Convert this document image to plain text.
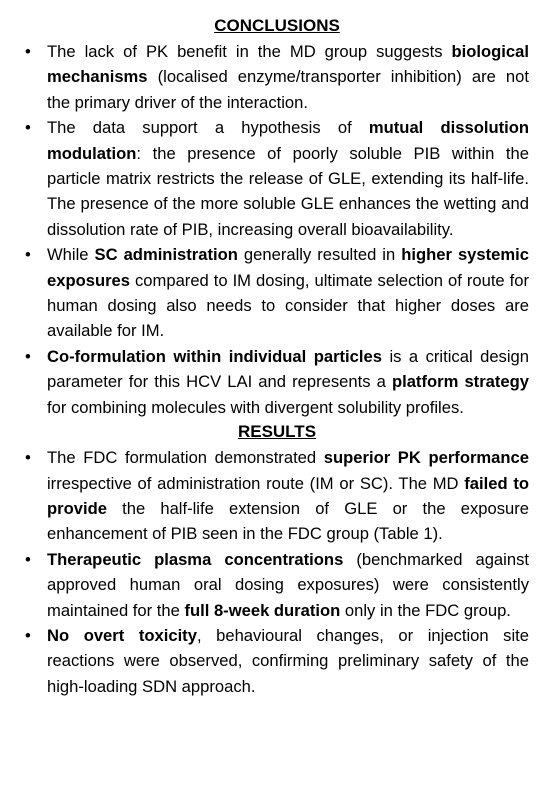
CONCLUSIONS
• The lack of PK benefit in the MD group suggests biological mechanisms (localised enzyme/transporter inhibition) are not the primary driver of the interaction.
• The data support a hypothesis of mutual dissolution modulation: the presence of poorly soluble PIB within the particle matrix restricts the release of GLE, extending its half-life. The presence of the more soluble GLE enhances the wetting and dissolution rate of PIB, increasing overall bioavailability.
• While SC administration generally resulted in higher systemic exposures compared to IM dosing, ultimate selection of route for human dosing also needs to consider that higher doses are available for IM.
• Co-formulation within individual particles is a critical design parameter for this HCV LAI and represents a platform strategy for combining molecules with divergent solubility profiles.
RESULTS
• The FDC formulation demonstrated superior PK performance irrespective of administration route (IM or SC). The MD failed to provide the half-life extension of GLE or the exposure enhancement of PIB seen in the FDC group (Table 1).
• Therapeutic plasma concentrations (benchmarked against approved human oral dosing exposures) were consistently maintained for the full 8-week duration only in the FDC group.
• No overt toxicity, behavioural changes, or injection site reactions were observed, confirming preliminary safety of the high-loading SDN approach.
